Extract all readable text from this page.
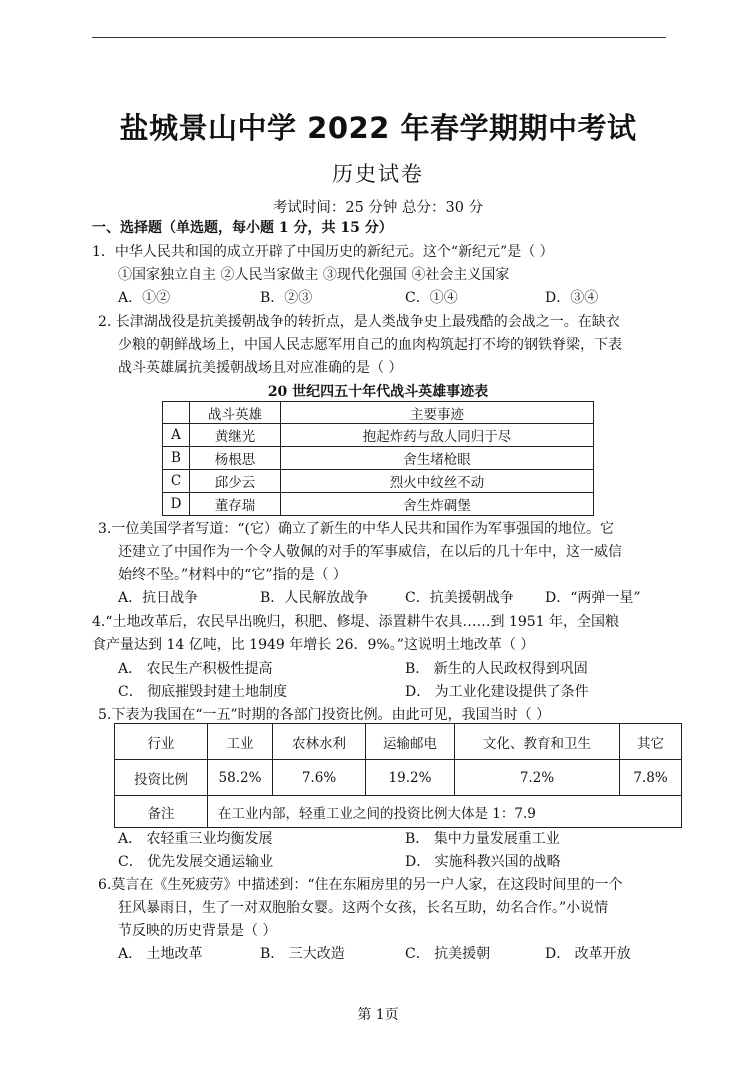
盐城景山中学 2022 年春学期期中考试
历史试卷
考试时间：25 分钟 总分：30 分
一、选择题（单选题，每小题 1 分，共 15 分）
1．中华人民共和国的成立开辟了中国历史的新纪元。这个“新纪元”是（ ）
①国家独立自主 ②人民当家做主 ③现代化强国 ④社会主义国家
A．①②	B．②③	C．①④	D．③④
2. 长津湖战役是抗美援朝战争的转折点，是人类战争史上最残酷的会战之一。在缺衣
少粮的朝鲜战场上，中国人民志愿军用自己的血肉构筑起打不垮的钢铁脊梁，下表
战斗英雄属抗美援朝战场且对应准确的是（ ）
20 世纪四五十年代战斗英雄事迹表
	战斗英雄	主要事迹
A	黄继光	抱起炸药与敌人同归于尽
B	杨根思	舍生堵枪眼
C	邱少云	烈火中纹丝不动
D	董存瑞	舍生炸碉堡
3.一位美国学者写道：“(它）确立了新生的中华人民共和国作为军事强国的地位。它
还建立了中国作为一个令人敬佩的对手的军事威信，在以后的几十年中，这一威信
始终不坠。”材料中的“它”指的是（ ）
A．抗日战争	B．人民解放战争	C．抗美援朝战争 D．“两弹一星”
4.“土地改革后，农民早出晚归，积肥、修堤、添置耕牛农具……到 1951 年，全国粮
食产量达到 14 亿吨，比 1949 年增长 26．9%。”这说明土地改革（ ）
A． 农民生产积极性提高	B． 新生的人民政权得到巩固
C． 彻底摧毁封建土地制度	D． 为工业化建设提供了条件
5.下表为我国在“一五”时期的各部门投资比例。由此可见，我国当时（ ）
行业	工业	农林水利	运输邮电	文化、教育和卫生	其它
投资比例	58.2%	7.6%	19.2%	7.2%	7.8%
备注	在工业内部，轻重工业之间的投资比例大体是 1：7.9				
A． 农轻重三业均衡发展	B． 集中力量发展重工业
C． 优先发展交通运输业	D． 实施科教兴国的战略
6.莫言在《生死疲劳》中描述到：“住在东厢房里的另一户人家，在这段时间里的一个
狂风暴雨日，生了一对双胞胎女婴。这两个女孩，长名互助，幼名合作。”小说情
节反映的历史背景是（ ）
A． 土地改革	B． 三大改造	C． 抗美援朝	D． 改革开放
第 1页
